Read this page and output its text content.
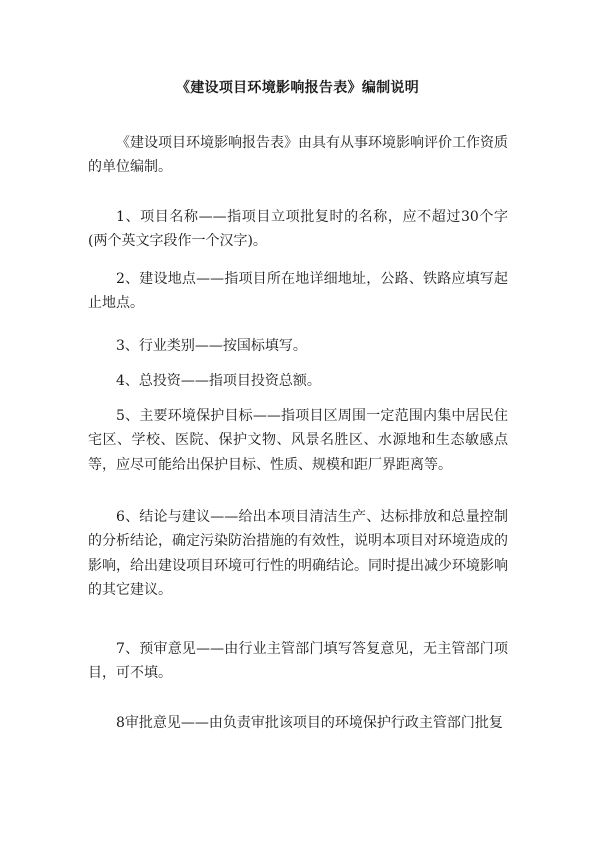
《建设项目环境影响报告表》编制说明

《建设项目环境影响报告表》由具有从事环境影响评价工作资质的单位编制。

1、项目名称——指项目立项批复时的名称，应不超过30个字(两个英文字段作一个汉字)。

2、建设地点——指项目所在地详细地址，公路、铁路应填写起止地点。

3、行业类别——按国标填写。

4、总投资——指项目投资总额。

5、主要环境保护目标——指项目区周围一定范围内集中居民住宅区、学校、医院、保护文物、风景名胜区、水源地和生态敏感点等，应尽可能给出保护目标、性质、规模和距厂界距离等。

6、结论与建议——给出本项目清洁生产、达标排放和总量控制的分析结论，确定污染防治措施的有效性，说明本项目对环境造成的影响，给出建设项目环境可行性的明确结论。同时提出减少环境影响的其它建议。

7、预审意见——由行业主管部门填写答复意见，无主管部门项目，可不填。

8审批意见——由负责审批该项目的环境保护行政主管部门批复
